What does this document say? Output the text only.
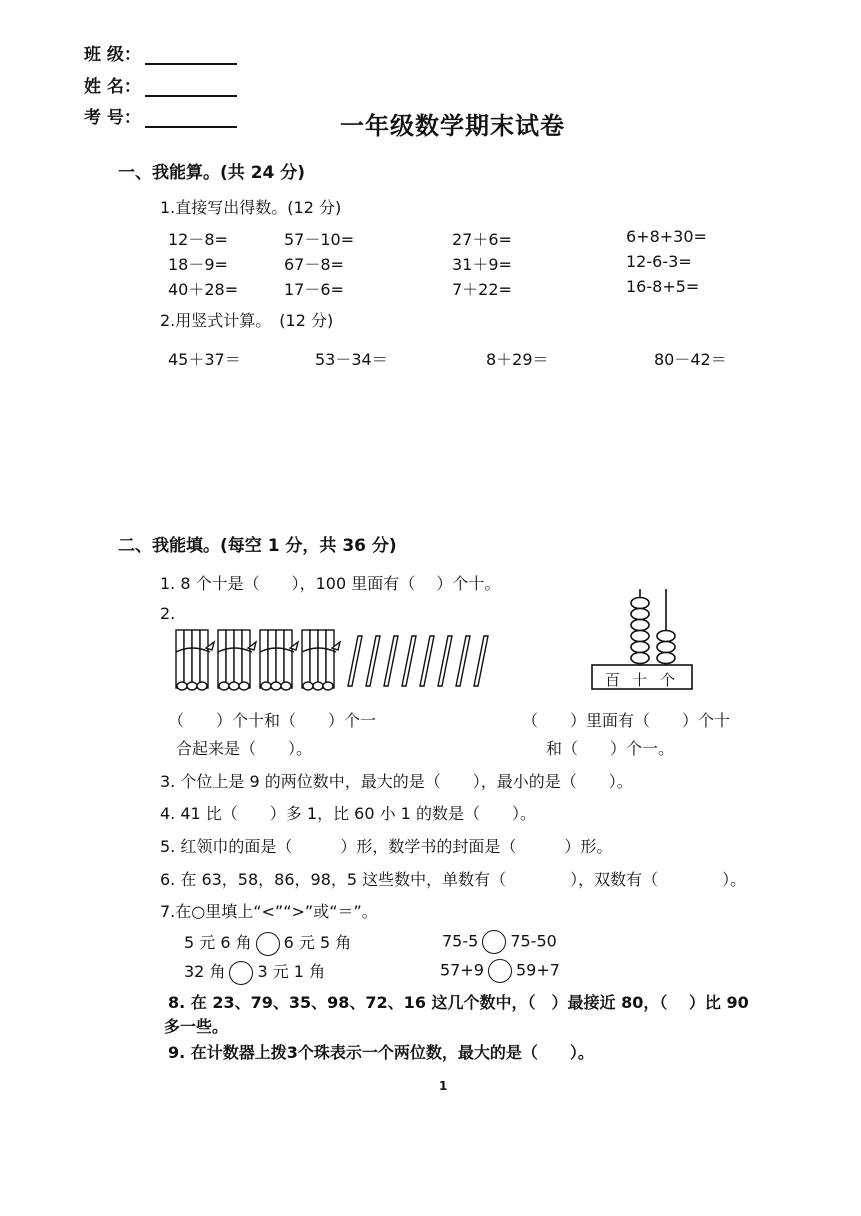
班 级：
姓 名：
考 号：	一年级数学期末试卷
一、我能算。(共 24 分)
1.直接写出得数。(12 分)
12－8=	57－10=	27＋6=	6+8+30=
18－9=	67－8=	31＋9=	12-6-3=
40＋28=	17－6=	7＋22=	16-8+5=
2.用竖式计算。　(12 分)
45＋37＝	53－34＝	8＋29＝	80－42＝
二、我能填。(每空 1 分，共 36 分)
1. 8 个十是（　　），100 里面有（　 ）个十。
2.
百 十 个
（　　）个十和（　　）个一
合起来是（　　）。
（　　）里面有（　　）个十
和（　　）个一。
3. 个位上是 9 的两位数中，最大的是（　　），最小的是（　　）。
4. 41 比（　　）多 1，比 60 小 1 的数是（　　）。
5. 红领巾的面是（　　　）形，数学书的封面是（　　　）形。
6. 在 63，58，86，98，5 这些数中，单数有（　　　　），双数有（　　　　）。
7.在○里填上“<”“>”或“＝”。
5 元 6 角 6 元 5 角	75-5 75-50
32 角 3 元 1 角	57+9 59+7
8. 在 23、79、35、98、72、16 这几个数中，（　）最接近 80，（　 ）比 90
多一些。
9. 在计数器上拨3个珠表示一个两位数，最大的是（　　）。
1
